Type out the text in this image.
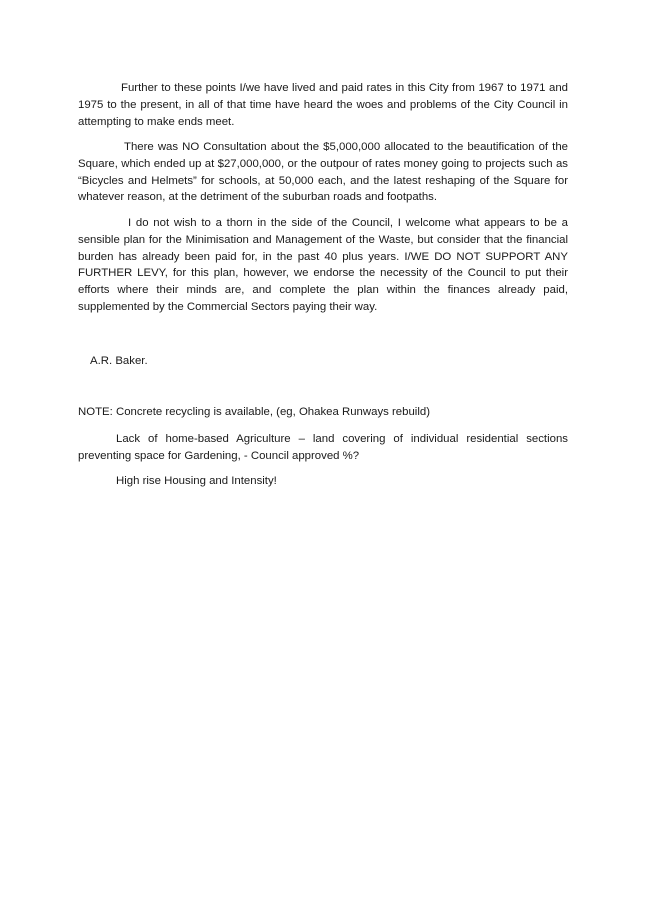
Further to these points I/we have lived and paid rates in this City from 1967 to 1971 and 1975 to the present, in all of that time have heard the woes and problems of the City Council in attempting to make ends meet.

There was NO Consultation about the $5,000,000 allocated to the beautification of the Square, which ended up at $27,000,000, or the outpour of rates money going to projects such as “Bicycles and Helmets” for schools, at 50,000 each, and the latest reshaping of the Square for whatever reason, at the detriment of the suburban roads and footpaths.

I do not wish to a thorn in the side of the Council, I welcome what appears to be a sensible plan for the Minimisation and Management of the Waste, but consider that the financial burden has already been paid for, in the past 40 plus years. I/WE DO NOT SUPPORT ANY FURTHER LEVY, for this plan, however, we endorse the necessity of the Council to put their efforts where their minds are, and complete the plan within the finances already paid, supplemented by the Commercial Sectors paying their way.

A.R. Baker.

NOTE: Concrete recycling is available, (eg, Ohakea Runways rebuild)

Lack of home-based Agriculture – land covering of individual residential sections preventing space for Gardening, - Council approved %?

High rise Housing and Intensity!
